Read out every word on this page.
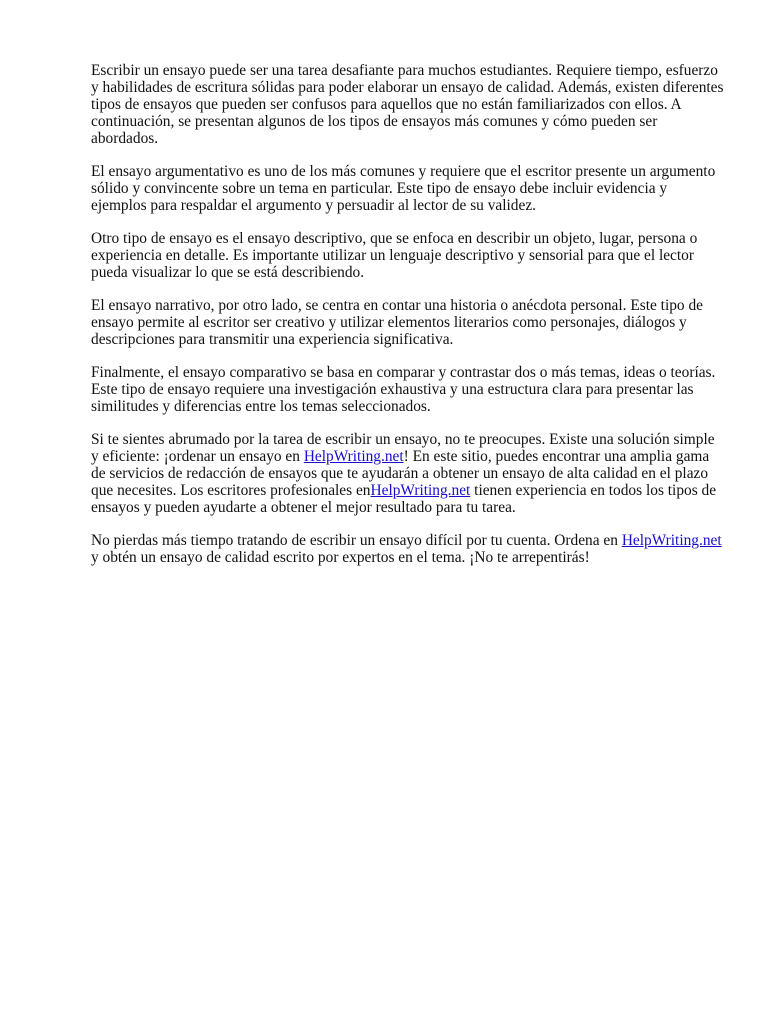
Escribir un ensayo puede ser una tarea desafiante para muchos estudiantes. Requiere tiempo, esfuerzo y habilidades de escritura sólidas para poder elaborar un ensayo de calidad. Además, existen diferentes tipos de ensayos que pueden ser confusos para aquellos que no están familiarizados con ellos. A continuación, se presentan algunos de los tipos de ensayos más comunes y cómo pueden ser abordados.

El ensayo argumentativo es uno de los más comunes y requiere que el escritor presente un argumento sólido y convincente sobre un tema en particular. Este tipo de ensayo debe incluir evidencia y ejemplos para respaldar el argumento y persuadir al lector de su validez.

Otro tipo de ensayo es el ensayo descriptivo, que se enfoca en describir un objeto, lugar, persona o experiencia en detalle. Es importante utilizar un lenguaje descriptivo y sensorial para que el lector pueda visualizar lo que se está describiendo.

El ensayo narrativo, por otro lado, se centra en contar una historia o anécdota personal. Este tipo de ensayo permite al escritor ser creativo y utilizar elementos literarios como personajes, diálogos y descripciones para transmitir una experiencia significativa.

Finalmente, el ensayo comparativo se basa en comparar y contrastar dos o más temas, ideas o teorías. Este tipo de ensayo requiere una investigación exhaustiva y una estructura clara para presentar las similitudes y diferencias entre los temas seleccionados.

Si te sientes abrumado por la tarea de escribir un ensayo, no te preocupes. Existe una solución simple y eficiente: ¡ordenar un ensayo en HelpWriting.net! En este sitio, puedes encontrar una amplia gama de servicios de redacción de ensayos que te ayudarán a obtener un ensayo de alta calidad en el plazo que necesites. Los escritores profesionales enHelpWriting.net tienen experiencia en todos los tipos de ensayos y pueden ayudarte a obtener el mejor resultado para tu tarea.

No pierdas más tiempo tratando de escribir un ensayo difícil por tu cuenta. Ordena en HelpWriting.net y obtén un ensayo de calidad escrito por expertos en el tema. ¡No te arrepentirás!
